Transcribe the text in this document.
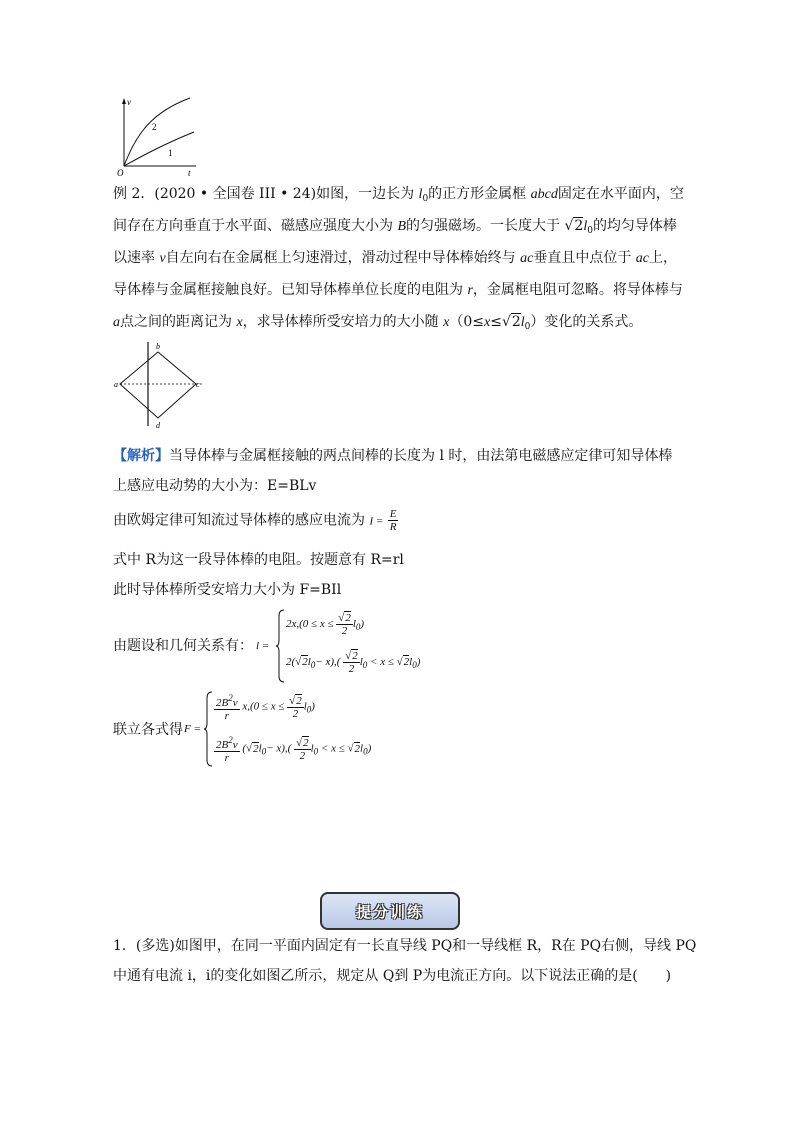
v
t
O
2
1
例 2．(2020 • 全国卷 III • 24)如图，一边长为 $l_0$的正方形金属框 abcd固定在水平面内，空
间存在方向垂直于水平面、磁感应强度大小为 B的匀强磁场。一长度大于 $√2l_0$的均匀导体棒
以速率 v自左向右在金属框上匀速滑过，滑动过程中导体棒始终与 ac垂直且中点位于 ac上，
导体棒与金属框接触良好。已知导体棒单位长度的电阻为 r，金属框电阻可忽略。将导体棒与
a点之间的距离记为 x，求导体棒所受安培力的大小随 $x(0\le x\le√2l_0)$变化的关系式。
b
a	c
d
【解析】当导体棒与金属框接触的两点间棒的长度为 l 时，由法第电磁感应定律可知导体棒
上感应电动势的大小为：E=BLv
由欧姆定律可知流过导体棒的感应电流为 $I = \frac{E}{R}$
式中 R为这一段导体棒的电阻。按题意有 R=rl
此时导体棒所受安培力大小为 F=BIl
由题设和几何关系有： l =
$2x,(0 \le x \le \frac{√2}{2} l_0)$
$2(√2l_0- x),( \frac{√2}{2} l_0 < x \le √2l_0)$
联立各式得 F =
$\frac{2B^2v}{r} x,(0 \le x \le \frac{√2}{2} l_0)$
$\frac{2B^2v}{r} (√2l_0- x),( \frac{√2}{2} l_0 < x \le √2l_0)$
提分训练
1．(多选)如图甲，在同一平面内固定有一长直导线 PQ和一导线框 R，R在 PQ右侧，导线 PQ
中通有电流 i，i的变化如图乙所示，规定从 Q到 P为电流正方向。以下说法正确的是(　　)
